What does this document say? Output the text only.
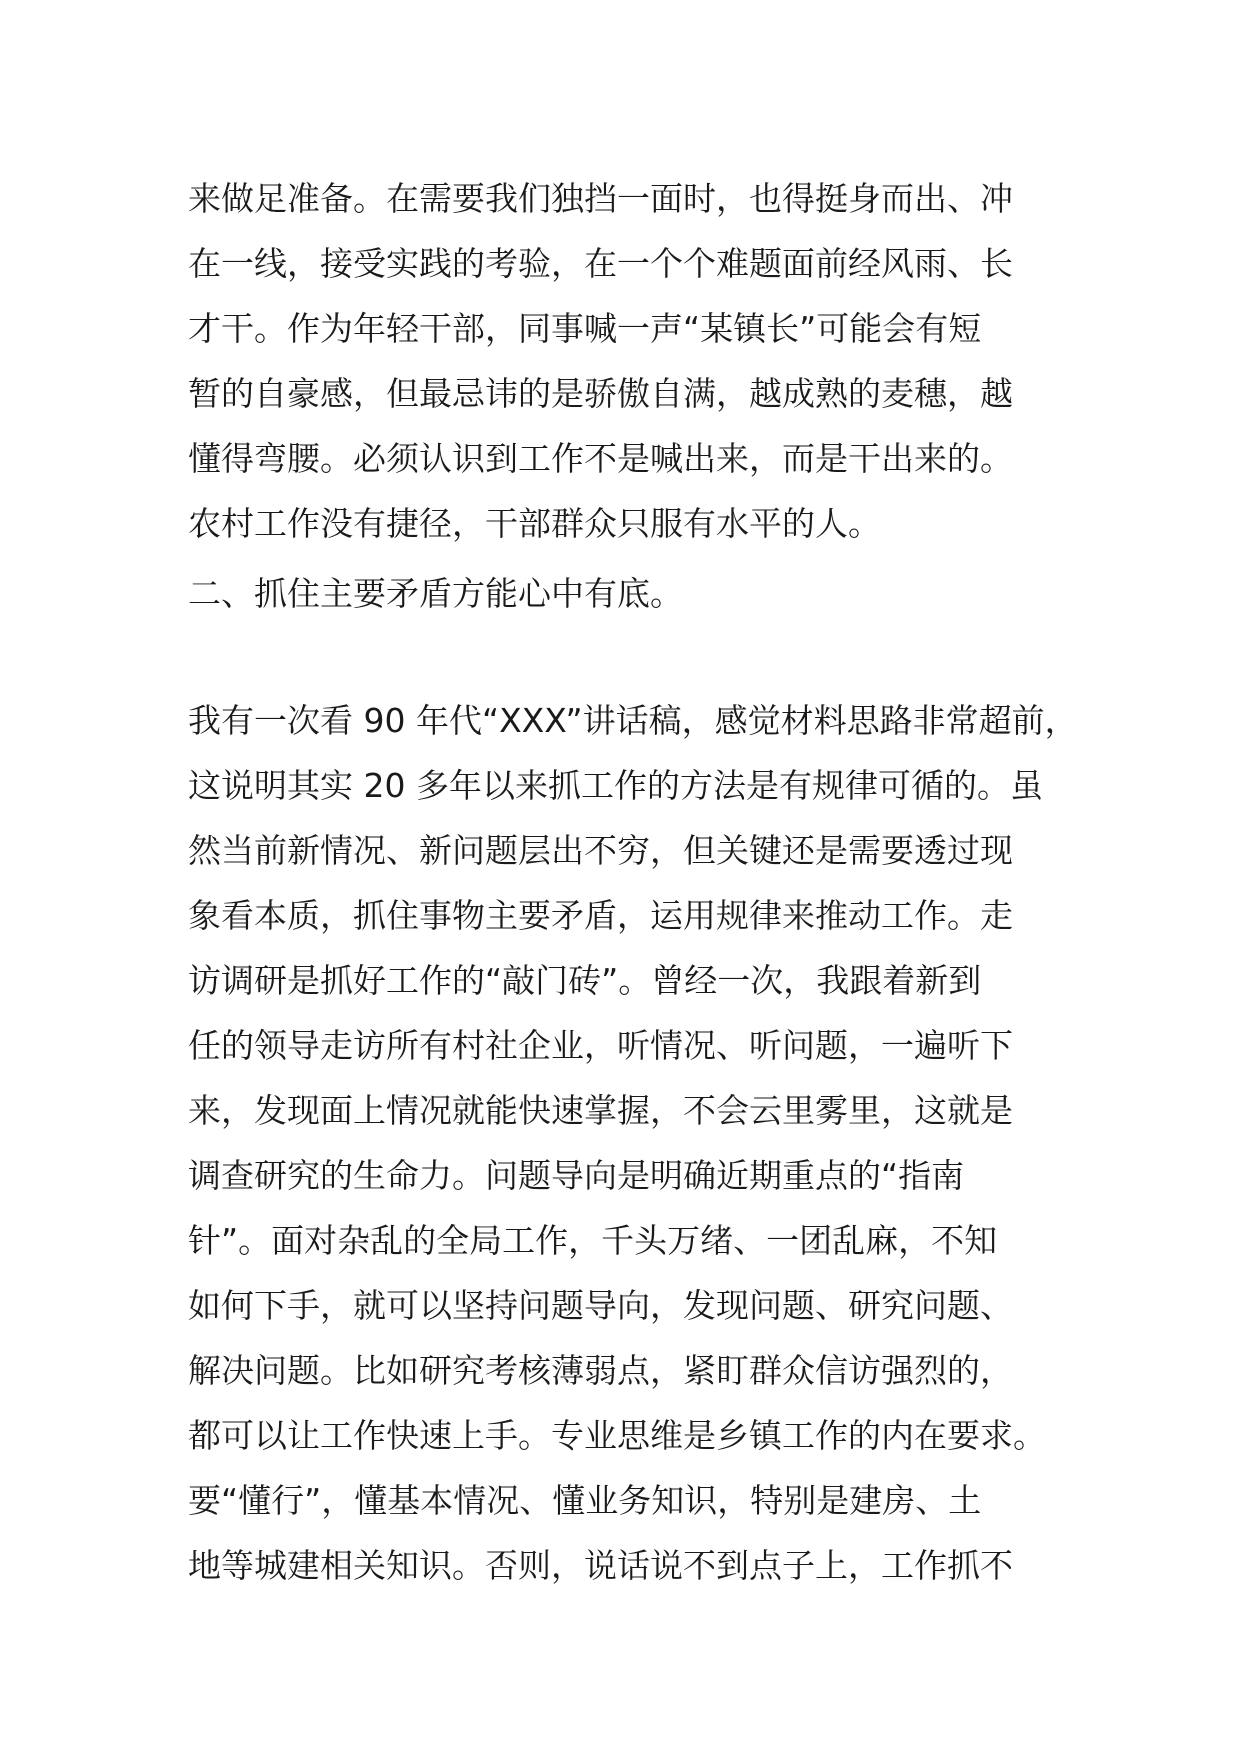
来做足准备。在需要我们独挡一面时，也得挺身而出、冲
在一线，接受实践的考验，在一个个难题面前经风雨、长
才干。作为年轻干部，同事喊一声“某镇长”可能会有短
暂的自豪感，但最忌讳的是骄傲自满，越成熟的麦穗，越
懂得弯腰。必须认识到工作不是喊出来，而是干出来的。
农村工作没有捷径，干部群众只服有水平的人。
二、抓住主要矛盾方能心中有底。
我有一次看 90 年代“XXX”讲话稿，感觉材料思路非常超前，
这说明其实 20 多年以来抓工作的方法是有规律可循的。虽
然当前新情况、新问题层出不穷，但关键还是需要透过现
象看本质，抓住事物主要矛盾，运用规律来推动工作。走
访调研是抓好工作的“敲门砖”。曾经一次，我跟着新到
任的领导走访所有村社企业，听情况、听问题，一遍听下
来，发现面上情况就能快速掌握，不会云里雾里，这就是
调查研究的生命力。问题导向是明确近期重点的“指南
针”。面对杂乱的全局工作，千头万绪、一团乱麻，不知
如何下手，就可以坚持问题导向，发现问题、研究问题、
解决问题。比如研究考核薄弱点，紧盯群众信访强烈的，
都可以让工作快速上手。专业思维是乡镇工作的内在要求。
要“懂行”，懂基本情况、懂业务知识，特别是建房、土
地等城建相关知识。否则，说话说不到点子上，工作抓不
